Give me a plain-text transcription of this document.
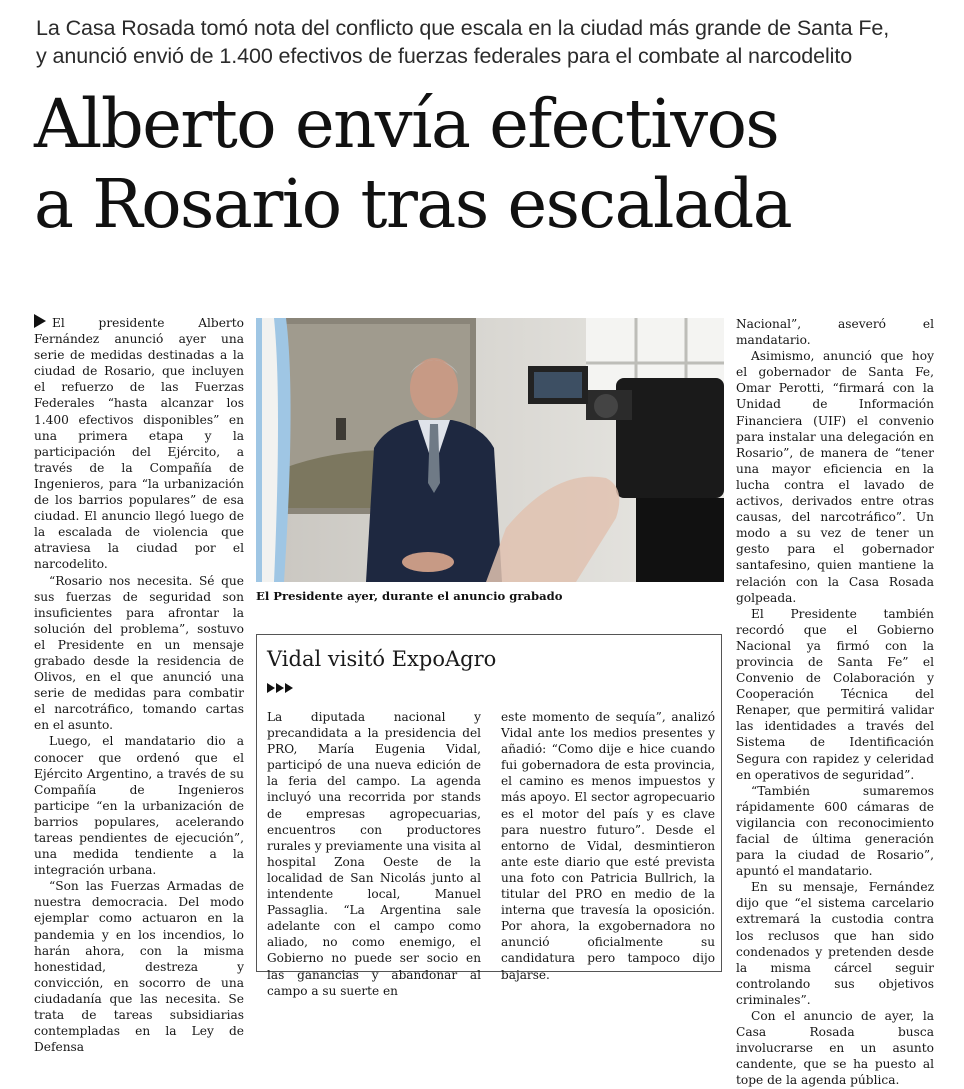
La Casa Rosada tomó nota del conflicto que escala en la ciudad más grande de Santa Fe,
y anunció envió de 1.400 efectivos de fuerzas federales para el combate al narcodelito
Alberto envía efectivos
a Rosario tras escalada

El presidente Alberto Fernández anunció ayer una serie de medidas destinadas a la ciudad de Rosario, que incluyen el refuerzo de las Fuerzas Federales “hasta alcanzar los 1.400 efectivos disponibles” en una primera etapa y la participación del Ejército, a través de la Compañía de Ingenieros, para “la urbanización de los barrios populares” de esa ciudad. El anuncio llegó luego de la escalada de violencia que atraviesa la ciudad por el narcodelito.

“Rosario nos necesita. Sé que sus fuerzas de seguridad son insuficientes para afrontar la solución del problema”, sostuvo el Presidente en un mensaje grabado desde la residencia de Olivos, en el que anunció una serie de medidas para combatir el narcotráfico, tomando cartas en el asunto.

Luego, el mandatario dio a conocer que ordenó que el Ejército Argentino, a través de su Compañía de Ingenieros participe “en la urbanización de barrios populares, acelerando tareas pendientes de ejecución”, una medida tendiente a la integración urbana.

“Son las Fuerzas Armadas de nuestra democracia. Del modo ejemplar como actuaron en la pandemia y en los incendios, lo harán ahora, con la misma honestidad, destreza y convicción, en socorro de una ciudadanía que las necesita. Se trata de tareas subsidiarias contempladas en la Ley de Defensa

El Presidente ayer, durante el anuncio grabado
Vidal visitó ExpoAgro

La diputada nacional y precandidata a la presidencia del PRO, María Eugenia Vidal, participó de una nueva edición de la feria del campo. La agenda incluyó una recorrida por stands de empresas agropecuarias, encuentros con productores rurales y previamente una visita al hospital Zona Oeste de la localidad de San Nicolás junto al intendente local, Manuel Passaglia. “La Argentina sale adelante con el campo como aliado, no como enemigo, el Gobierno no puede ser socio en las ganancias y abandonar al campo a su suerte en

este momento de sequía”, analizó Vidal ante los medios presentes y añadió: “Como dije e hice cuando fui gobernadora de esta provincia, el camino es menos impuestos y más apoyo. El sector agropecuario es el motor del país y es clave para nuestro futuro”. Desde el entorno de Vidal, desmintieron ante este diario que esté prevista una foto con Patricia Bullrich, la titular del PRO en medio de la interna que travesía la oposición. Por ahora, la exgobernadora no anunció oficialmente su candidatura pero tampoco dijo bajarse.

Nacional”, aseveró el mandatario.

Asimismo, anunció que hoy el gobernador de Santa Fe, Omar Perotti, “firmará con la Unidad de Información Financiera (UIF) el convenio para instalar una delegación en Rosario”, de manera de “tener una mayor eficiencia en la lucha contra el lavado de activos, derivados entre otras causas, del narcotráfico”. Un modo a su vez de tener un gesto para el gobernador santafesino, quien mantiene la relación con la Casa Rosada golpeada.

El Presidente también recordó que el Gobierno Nacional ya firmó con la provincia de Santa Fe” el Convenio de Colaboración y Cooperación Técnica del Renaper, que permitirá validar las identidades a través del Sistema de Identificación Segura con rapidez y celeridad en operativos de seguridad”.

“También sumaremos rápidamente 600 cámaras de vigilancia con reconocimiento facial de última generación para la ciudad de Rosario”, apuntó el mandatario.

En su mensaje, Fernández dijo que “el sistema carcelario extremará la custodia contra los reclusos que han sido condenados y pretenden desde la misma cárcel seguir controlando sus objetivos criminales”.

Con el anuncio de ayer, la Casa Rosada busca involucrarse en un asunto candente, que se ha puesto al tope de la agenda pública.
